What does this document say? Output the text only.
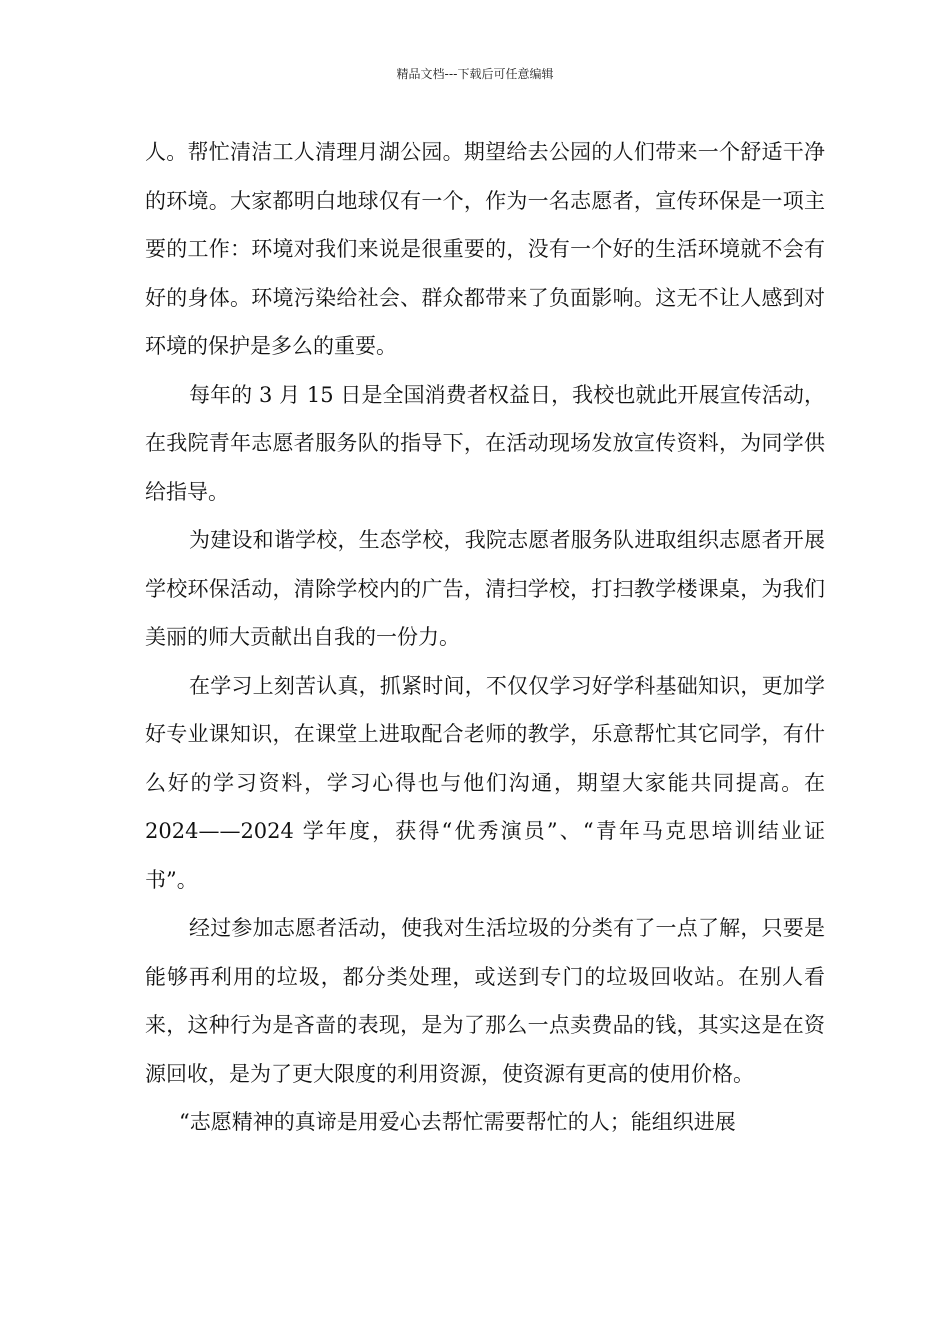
精品文档---下载后可任意编辑

人。帮忙清洁工人清理月湖公园。期望给去公园的人们带来一个舒适干净的环境。大家都明白地球仅有一个，作为一名志愿者，宣传环保是一项主要的工作：环境对我们来说是很重要的，没有一个好的生活环境就不会有好的身体。环境污染给社会、群众都带来了负面影响。这无不让人感到对环境的保护是多么的重要。

每年的 3 月 15 日是全国消费者权益日，我校也就此开展宣传活动，在我院青年志愿者服务队的指导下，在活动现场发放宣传资料，为同学供给指导。

为建设和谐学校，生态学校，我院志愿者服务队进取组织志愿者开展学校环保活动，清除学校内的广告，清扫学校，打扫教学楼课桌，为我们美丽的师大贡献出自我的一份力。

在学习上刻苦认真，抓紧时间，不仅仅学习好学科基础知识，更加学好专业课知识，在课堂上进取配合老师的教学，乐意帮忙其它同学，有什么好的学习资料，学习心得也与他们沟通，期望大家能共同提高。在 2024——2024 学年度，获得“优秀演员”、“青年马克思培训结业证书”。

经过参加志愿者活动，使我对生活垃圾的分类有了一点了解，只要是能够再利用的垃圾，都分类处理，或送到专门的垃圾回收站。在别人看来，这种行为是吝啬的表现，是为了那么一点卖费品的钱，其实这是在资源回收，是为了更大限度的利用资源，使资源有更高的使用价格。

“志愿精神的真谛是用爱心去帮忙需要帮忙的人；能组织进展
